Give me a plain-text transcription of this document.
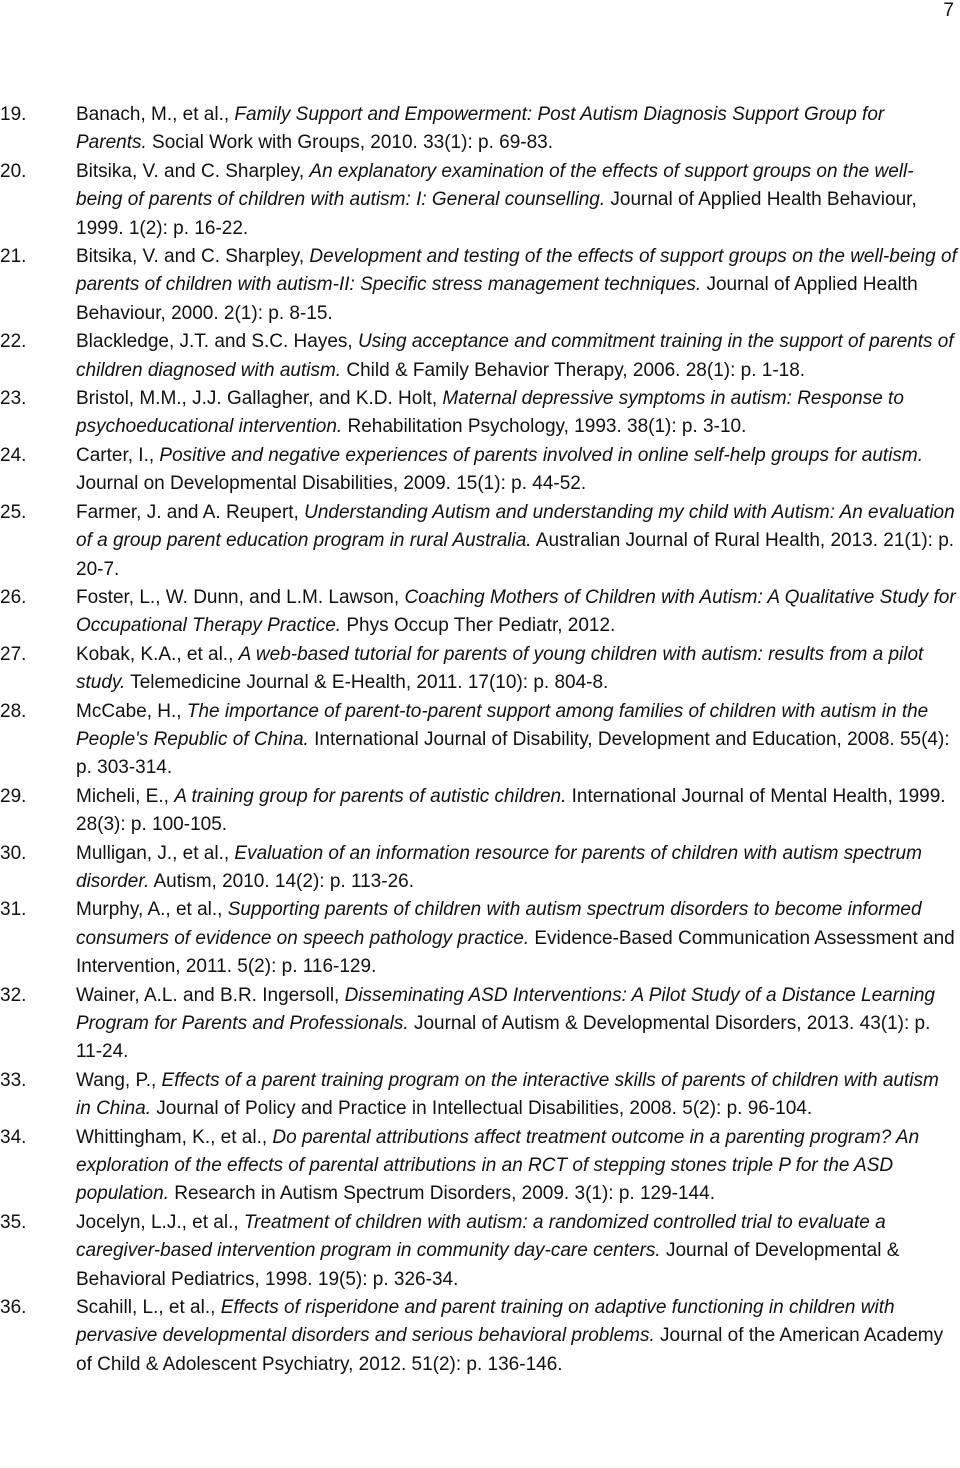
7
19.	Banach, M., et al., Family Support and Empowerment: Post Autism Diagnosis Support Group for Parents. Social Work with Groups, 2010. 33(1): p. 69-83.
20.	Bitsika, V. and C. Sharpley, An explanatory examination of the effects of support groups on the well-being of parents of children with autism: I: General counselling. Journal of Applied Health Behaviour, 1999. 1(2): p. 16-22.
21.	Bitsika, V. and C. Sharpley, Development and testing of the effects of support groups on the well-being of parents of children with autism-II: Specific stress management techniques. Journal of Applied Health Behaviour, 2000. 2(1): p. 8-15.
22.	Blackledge, J.T. and S.C. Hayes, Using acceptance and commitment training in the support of parents of children diagnosed with autism. Child & Family Behavior Therapy, 2006. 28(1): p. 1-18.
23.	Bristol, M.M., J.J. Gallagher, and K.D. Holt, Maternal depressive symptoms in autism: Response to psychoeducational intervention. Rehabilitation Psychology, 1993. 38(1): p. 3-10.
24.	Carter, I., Positive and negative experiences of parents involved in online self-help groups for autism. Journal on Developmental Disabilities, 2009. 15(1): p. 44-52.
25.	Farmer, J. and A. Reupert, Understanding Autism and understanding my child with Autism: An evaluation of a group parent education program in rural Australia. Australian Journal of Rural Health, 2013. 21(1): p. 20-7.
26.	Foster, L., W. Dunn, and L.M. Lawson, Coaching Mothers of Children with Autism: A Qualitative Study for Occupational Therapy Practice. Phys Occup Ther Pediatr, 2012.
27.	Kobak, K.A., et al., A web-based tutorial for parents of young children with autism: results from a pilot study. Telemedicine Journal & E-Health, 2011. 17(10): p. 804-8.
28.	McCabe, H., The importance of parent-to-parent support among families of children with autism in the People's Republic of China. International Journal of Disability, Development and Education, 2008. 55(4): p. 303-314.
29.	Micheli, E., A training group for parents of autistic children. International Journal of Mental Health, 1999. 28(3): p. 100-105.
30.	Mulligan, J., et al., Evaluation of an information resource for parents of children with autism spectrum disorder. Autism, 2010. 14(2): p. 113-26.
31.	Murphy, A., et al., Supporting parents of children with autism spectrum disorders to become informed consumers of evidence on speech pathology practice. Evidence-Based Communication Assessment and Intervention, 2011. 5(2): p. 116-129.
32.	Wainer, A.L. and B.R. Ingersoll, Disseminating ASD Interventions: A Pilot Study of a Distance Learning Program for Parents and Professionals. Journal of Autism & Developmental Disorders, 2013. 43(1): p. 11-24.
33.	Wang, P., Effects of a parent training program on the interactive skills of parents of children with autism in China. Journal of Policy and Practice in Intellectual Disabilities, 2008. 5(2): p. 96-104.
34.	Whittingham, K., et al., Do parental attributions affect treatment outcome in a parenting program? An exploration of the effects of parental attributions in an RCT of stepping stones triple P for the ASD population. Research in Autism Spectrum Disorders, 2009. 3(1): p. 129-144.
35.	Jocelyn, L.J., et al., Treatment of children with autism: a randomized controlled trial to evaluate a caregiver-based intervention program in community day-care centers. Journal of Developmental & Behavioral Pediatrics, 1998. 19(5): p. 326-34.
36.	Scahill, L., et al., Effects of risperidone and parent training on adaptive functioning in children with pervasive developmental disorders and serious behavioral problems. Journal of the American Academy of Child & Adolescent Psychiatry, 2012. 51(2): p. 136-146.
